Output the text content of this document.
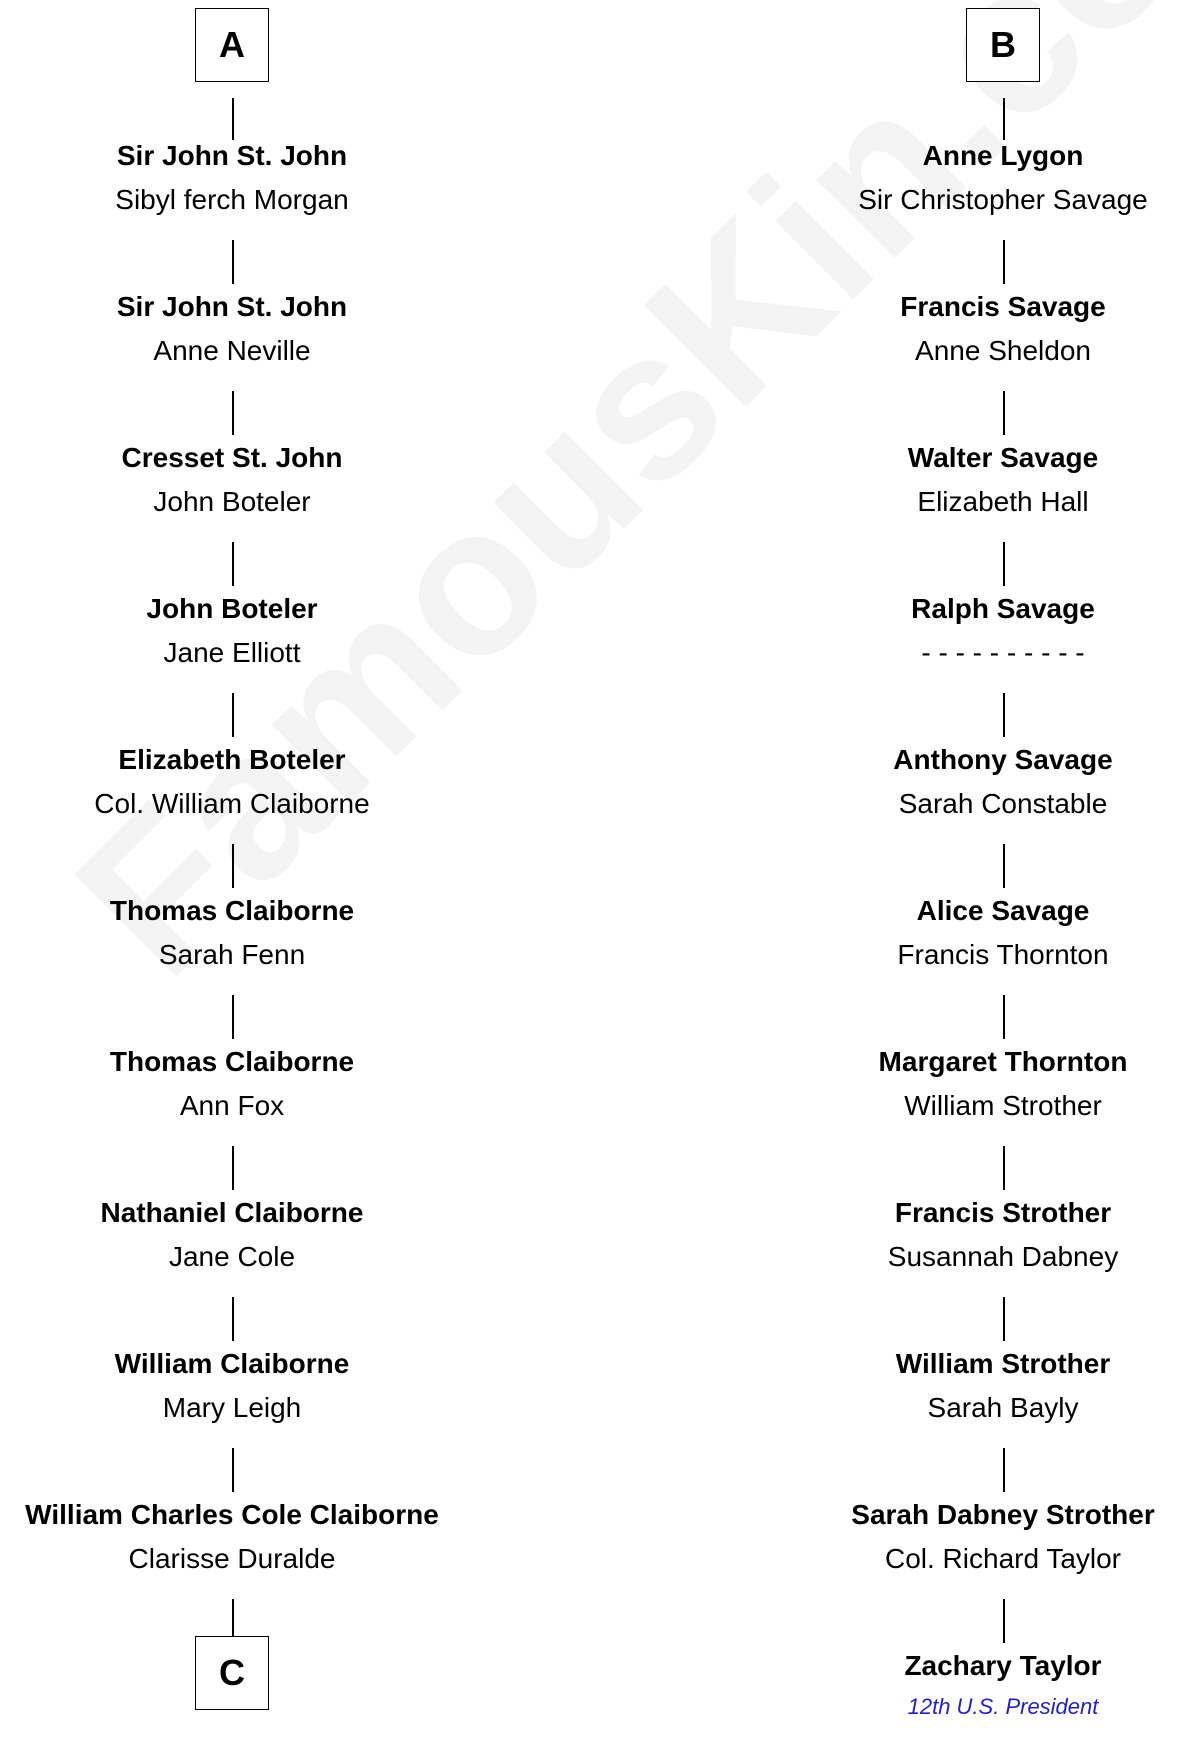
A
Sir John St. John
Sibyl ferch Morgan
Sir John St. John
Anne Neville
Cresset St. John
John Boteler
John Boteler
Jane Elliott
Elizabeth Boteler
Col. William Claiborne
Thomas Claiborne
Sarah Fenn
Thomas Claiborne
Ann Fox
Nathaniel Claiborne
Jane Cole
William Claiborne
Mary Leigh
William Charles Cole Claiborne
Clarisse Duralde
C
B
Anne Lygon
Sir Christopher Savage
Francis Savage
Anne Sheldon
Walter Savage
Elizabeth Hall
Ralph Savage
- - - - - - - - - -
Anthony Savage
Sarah Constable
Alice Savage
Francis Thornton
Margaret Thornton
William Strother
Francis Strother
Susannah Dabney
William Strother
Sarah Bayly
Sarah Dabney Strother
Col. Richard Taylor
Zachary Taylor
12th U.S. President
